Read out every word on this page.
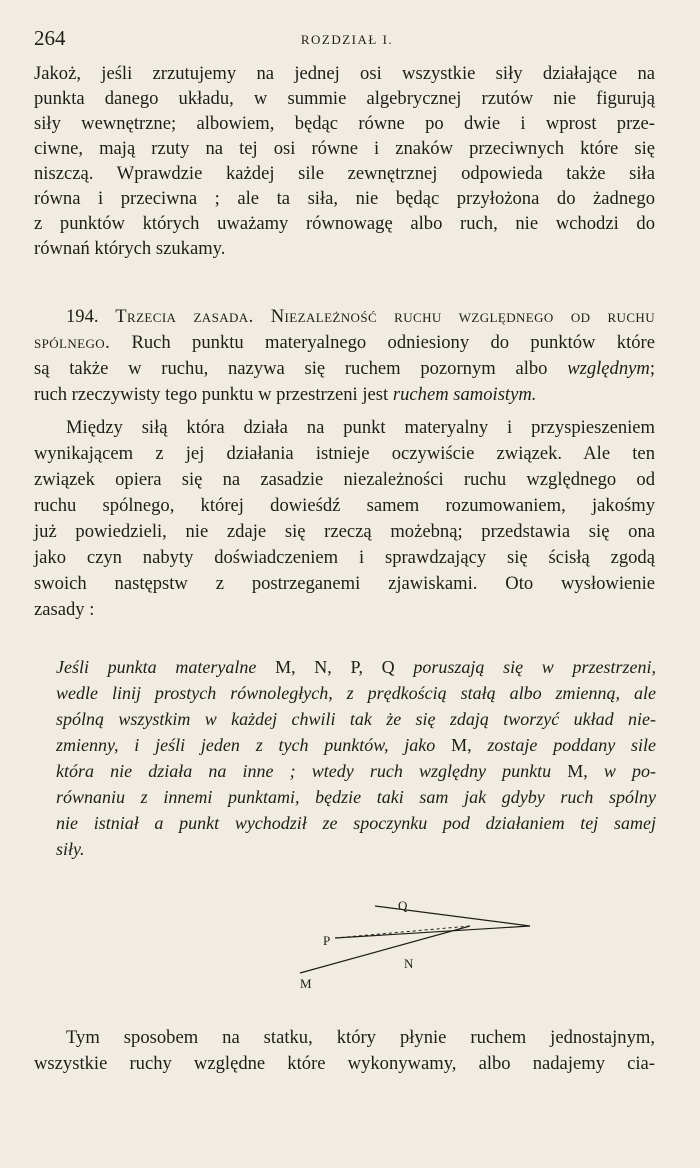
264	ROZDZIAŁ I.

Jakoż, jeśli zrzutujemy na jednej osi wszystkie siły działające na

punkta danego układu, w summie algebrycznej rzutów nie figurują

siły wewnętrzne; albowiem, będąc równe po dwie i wprost prze-

ciwne, mają rzuty na tej osi równe i znaków przeciwnych które się

niszczą. Wprawdzie każdej sile zewnętrznej odpowieda także siła

równa i przeciwna ; ale ta siła, nie będąc przyłożona do żadnego

z punktów których uważamy równowagę albo ruch, nie wchodzi do

równań których szukamy.

194. Trzecia zasada. Niezależność ruchu względnego od ruchu

spólnego. Ruch punktu materyalnego odniesiony do punktów które

są także w ruchu, nazywa się ruchem pozornym albo względnym;

ruch rzeczywisty tego punktu w przestrzeni jest ruchem samoistym.

Między siłą która działa na punkt materyalny i przyspieszeniem

wynikającem z jej działania istnieje oczywiście związek. Ale ten

związek opiera się na zasadzie niezależności ruchu względnego od

ruchu spólnego, której dowieśdź samem rozumowaniem, jakośmy

już powiedzieli, nie zdaje się rzeczą możebną; przedstawia się ona

jako czyn nabyty doświadczeniem i sprawdzający się ścisłą zgodą

swoich następstw z postrzeganemi zjawiskami. Oto wysłowienie

zasady :

Jeśli punkta materyalne M, N, P, Q poruszają się w przestrzeni,

wedle linij prostych równoległych, z prędkością stałą albo zmienną, ale

spólną wszystkim w każdej chwili tak że się zdają tworzyć układ nie-

zmienny, i jeśli jeden z tych punktów, jako M, zostaje poddany sile

która nie działa na inne ; wtedy ruch względny punktu M, w po-

równaniu z innemi punktami, będzie taki sam jak gdyby ruch spólny

nie istniał a punkt wychodził ze spoczynku pod działaniem tej samej

siły.

Q
P
N
M

Tym sposobem na statku, który płynie ruchem jednostajnym,

wszystkie ruchy względne które wykonywamy, albo nadajemy cia-
